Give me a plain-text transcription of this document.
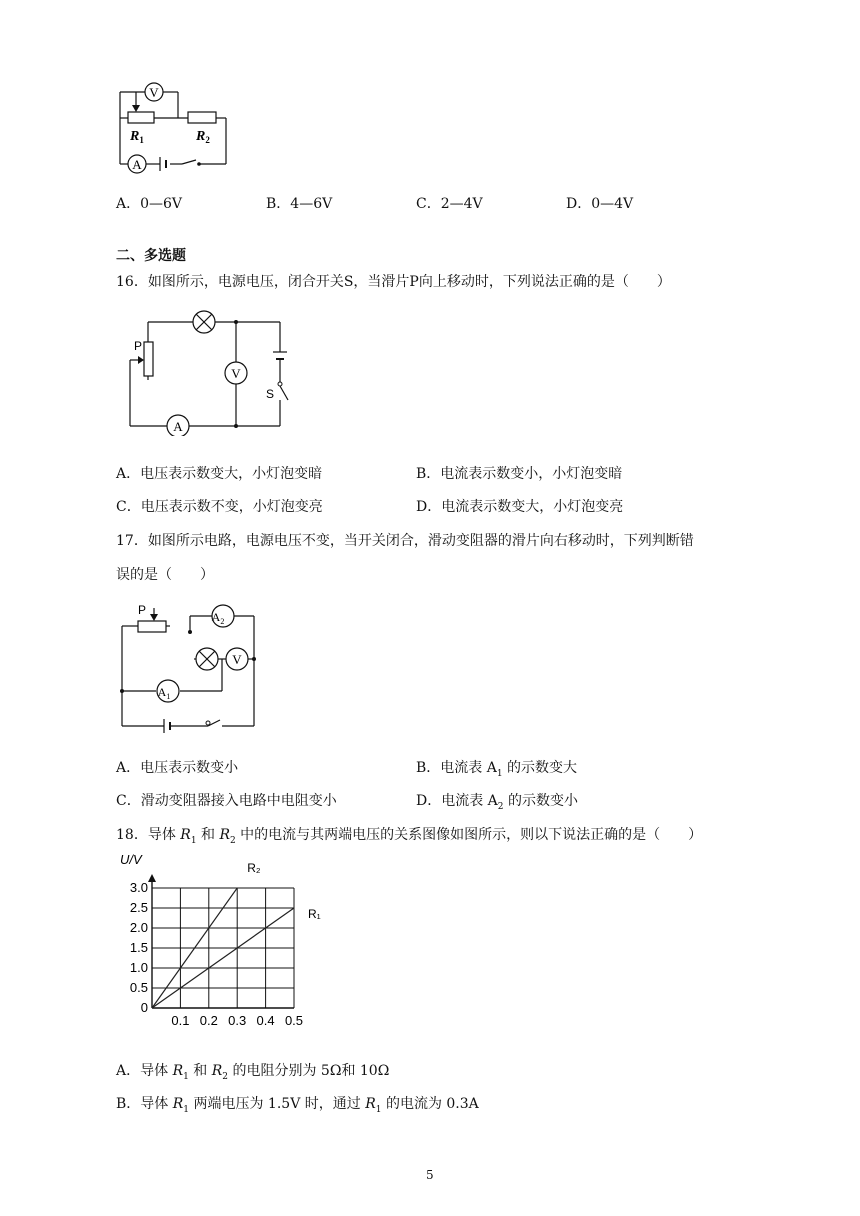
V
A
$R_1$	$R_2$
A．0—6V	B．4—6V	C．2—4V	D．0—4V
二、多选题
16．如图所示，电源电压，闭合开关S，当滑片P向上移动时，下列说法正确的是（　　）
P
V
A
S
A．电压表示数变大，小灯泡变暗	B．电流表示数变小，小灯泡变暗
C．电压表示数不变，小灯泡变亮	D．电流表示数变大，小灯泡变亮
17．如图所示电路，电源电压不变，当开关闭合，滑动变阻器的滑片向右移动时，下列判断错
误的是（　　）
P	$A_2$
V
$A_1$
A．电压表示数变小	B．电流表 $A_1$ 的示数变大
C．滑动变阻器接入电路中电阻变小	D．电流表 $A_2$ 的示数变小
18．导体 $R_1$ 和 $R_2$ 中的电流与其两端电压的关系图像如图所示，则以下说法正确的是（　　）
0
0.5
1.0
1.5
2.0
2.5
3.0
0.1 0.2 0.3 0.4 0.5
R₂
R₁
U/V
A．导体 $R_1$ 和 $R_2$ 的电阻分别为 5Ω和 10Ω
B．导体 $R_1$ 两端电压为 1.5V 时，通过 $R_1$ 的电流为 0.3A
5
